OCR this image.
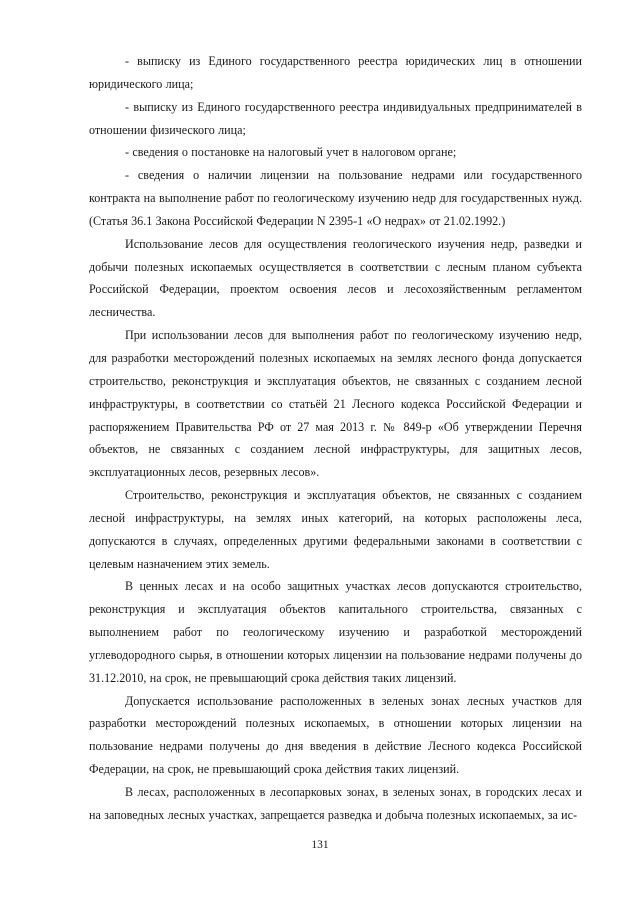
- выписку из Единого государственного реестра юридических лиц в отношении юридического лица;

- выписку из Единого государственного реестра индивидуальных предпринимателей в отношении физического лица;

- сведения о постановке на налоговый учет в налоговом органе;

- сведения о наличии лицензии на пользование недрами или государственного контракта на выполнение работ по геологическому изучению недр для государственных нужд. (Статья 36.1 Закона Российской Федерации N 2395-1 «О недрах» от 21.02.1992.)

Использование лесов для осуществления геологического изучения недр, разведки и добычи полезных ископаемых осуществляется в соответствии с лесным планом субъекта Российской Федерации, проектом освоения лесов и лесохозяйственным регламентом лесничества.

При использовании лесов для выполнения работ по геологическому изучению недр, для разработки месторождений полезных ископаемых на землях лесного фонда допускается строительство, реконструкция и эксплуатация объектов, не связанных с созданием лесной инфраструктуры, в соответствии со статьёй 21 Лесного кодекса Российской Федерации и распоряжением Правительства РФ от 27 мая 2013 г. № 849-р «Об утверждении Перечня объектов, не связанных с созданием лесной инфраструктуры, для защитных лесов, эксплуатационных лесов, резервных лесов».

Строительство, реконструкция и эксплуатация объектов, не связанных с созданием лесной инфраструктуры, на землях иных категорий, на которых расположены леса, допускаются в случаях, определенных другими федеральными законами в соответствии с целевым назначением этих земель.

В ценных лесах и на особо защитных участках лесов допускаются строительство, реконструкция и эксплуатация объектов капитального строительства, связанных с выполнением работ по геологическому изучению и разработкой месторождений углеводородного сырья, в отношении которых лицензии на пользование недрами получены до 31.12.2010, на срок, не превышающий срока действия таких лицензий.

Допускается использование расположенных в зеленых зонах лесных участков для разработки месторождений полезных ископаемых, в отношении которых лицензии на пользование недрами получены до дня введения в действие Лесного кодекса Российской Федерации, на срок, не превышающий срока действия таких лицензий.

В лесах, расположенных в лесопарковых зонах, в зеленых зонах, в городских лесах и на заповедных лесных участках, запрещается разведка и добыча полезных ископаемых, за ис-

131
